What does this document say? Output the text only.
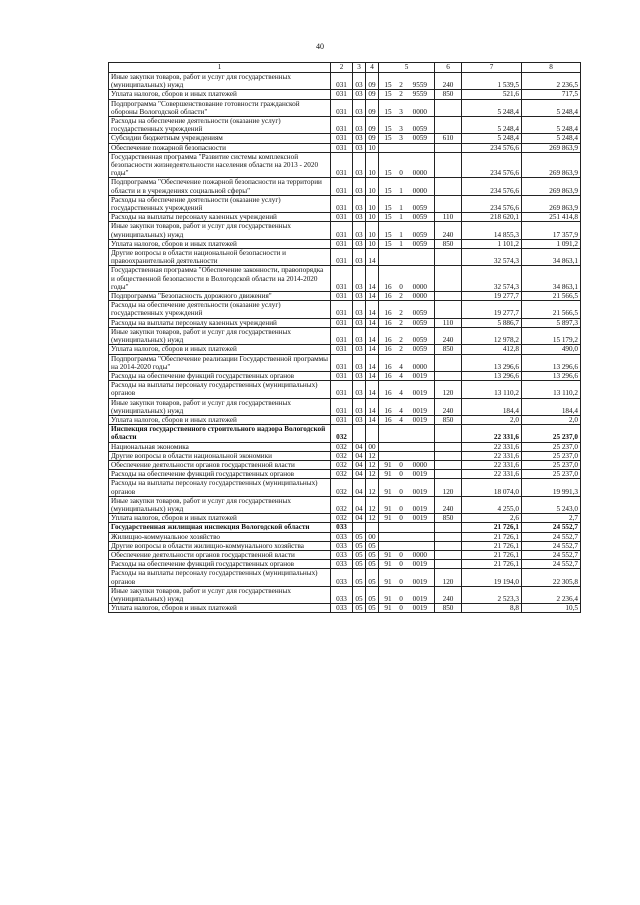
40
1	2	3	4	5	6	7	8
Иные закупки товаров, работ и услуг для государственных (муниципальных) нужд	031	03	09	15 2 9559	240	1 539,5	2 236,5
Уплата налогов, сборов и иных платежей	031	03	09	15 2 9559	850	521,6	717,5
Подпрограмма "Совершенствование готовности гражданской обороны Вологодской области"	031	03	09	15 3 0000		5 248,4	5 248,4
Расходы на обеспечение деятельности (оказание услуг) государственных учреждений	031	03	09	15 3 0059		5 248,4	5 248,4
Субсидии бюджетным учреждениям	031	03	09	15 3 0059	610	5 248,4	5 248,4
Обеспечение пожарной безопасности	031	03	10			234 576,6	269 863,9
Государственная программа "Развитие системы комплексной безопасности жизнедеятельности населения области на 2013 - 2020 годы"	031	03	10	15 0 0000		234 576,6	269 863,9
Подпрограмма "Обеспечение пожарной безопасности на территории области и в учреждениях социальной сферы"	031	03	10	15 1 0000		234 576,6	269 863,9
Расходы на обеспечение деятельности (оказание услуг) государственных учреждений	031	03	10	15 1 0059		234 576,6	269 863,9
Расходы на выплаты персоналу казенных учреждений	031	03	10	15 1 0059	110	218 620,1	251 414,8
Иные закупки товаров, работ и услуг для государственных (муниципальных) нужд	031	03	10	15 1 0059	240	14 855,3	17 357,9
Уплата налогов, сборов и иных платежей	031	03	10	15 1 0059	850	1 101,2	1 091,2
Другие вопросы в области национальной безопасности и правоохранительной деятельности	031	03	14			32 574,3	34 863,1
Государственная программа "Обеспечение законности, правопорядка и общественной безопасности в Вологодской области на 2014-2020 годы"	031	03	14	16 0 0000		32 574,3	34 863,1
Подпрограмма "Безопасность дорожного движения"	031	03	14	16 2 0000		19 277,7	21 566,5
Расходы на обеспечение деятельности (оказание услуг) государственных учреждений	031	03	14	16 2 0059		19 277,7	21 566,5
Расходы на выплаты персоналу казенных учреждений	031	03	14	16 2 0059	110	5 886,7	5 897,3
Иные закупки товаров, работ и услуг для государственных (муниципальных) нужд	031	03	14	16 2 0059	240	12 978,2	15 179,2
Уплата налогов, сборов и иных платежей	031	03	14	16 2 0059	850	412,8	490,0
Подпрограмма "Обеспечение реализации Государственной программы на 2014-2020 годы"	031	03	14	16 4 0000		13 296,6	13 296,6
Расходы на обеспечение функций государственных органов	031	03	14	16 4 0019		13 296,6	13 296,6
Расходы на выплаты персоналу государственных (муниципальных) органов	031	03	14	16 4 0019	120	13 110,2	13 110,2
Иные закупки товаров, работ и услуг для государственных (муниципальных) нужд	031	03	14	16 4 0019	240	184,4	184,4
Уплата налогов, сборов и иных платежей	031	03	14	16 4 0019	850	2,0	2,0
Инспекция государственного строительного надзора Вологодской области	032					22 331,6	25 237,0
Национальная экономика	032	04	00			22 331,6	25 237,0
Другие вопросы в области национальной экономики	032	04	12			22 331,6	25 237,0
Обеспечение деятельности органов государственной власти	032	04	12	91 0 0000		22 331,6	25 237,0
Расходы на обеспечение функций государственных органов	032	04	12	91 0 0019		22 331,6	25 237,0
Расходы на выплаты персоналу государственных (муниципальных) органов	032	04	12	91 0 0019	120	18 074,0	19 991,3
Иные закупки товаров, работ и услуг для государственных (муниципальных) нужд	032	04	12	91 0 0019	240	4 255,0	5 243,0
Уплата налогов, сборов и иных платежей	032	04	12	91 0 0019	850	2,6	2,7
Государственная жилищная инспекция Вологодской области	033					21 726,1	24 552,7
Жилищно-коммунальное хозяйство	033	05	00			21 726,1	24 552,7
Другие вопросы в области жилищно-коммунального хозяйства	033	05	05			21 726,1	24 552,7
Обеспечение деятельности органов государственной власти	033	05	05	91 0 0000		21 726,1	24 552,7
Расходы на обеспечение функций государственных органов	033	05	05	91 0 0019		21 726,1	24 552,7
Расходы на выплаты персоналу государственных (муниципальных) органов	033	05	05	91 0 0019	120	19 194,0	22 305,8
Иные закупки товаров, работ и услуг для государственных (муниципальных) нужд	033	05	05	91 0 0019	240	2 523,3	2 236,4
Уплата налогов, сборов и иных платежей	033	05	05	91 0 0019	850	8,8	10,5
